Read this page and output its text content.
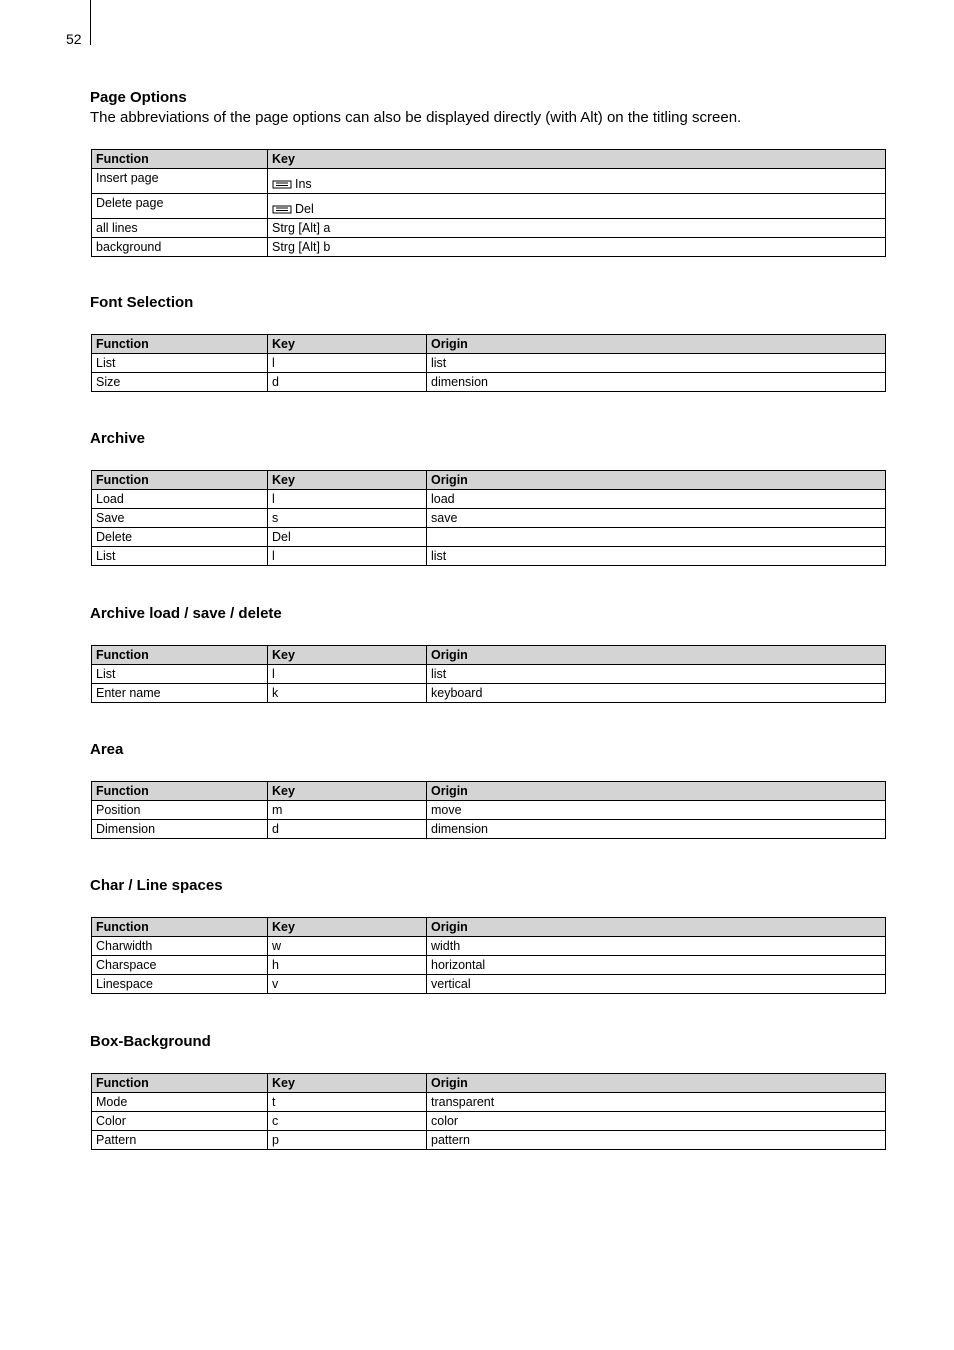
52
Page Options

The abbreviations of the page options can also be displayed directly (with Alt) on the titling screen.

Function	Key
Insert page	Ins
Delete page	Del
all lines	Strg [Alt] a
background	Strg [Alt] b
Font Selection
Function	Key	Origin
List	l	list
Size	d	dimension
Archive
Function	Key	Origin
Load	l	load
Save	s	save
Delete	Del	
List	l	list
Archive load / save / delete
Function	Key	Origin
List	l	list
Enter name	k	keyboard
Area
Function	Key	Origin
Position	m	move
Dimension	d	dimension
Char / Line spaces
Function	Key	Origin
Charwidth	w	width
Charspace	h	horizontal
Linespace	v	vertical
Box-Background
Function	Key	Origin
Mode	t	transparent
Color	c	color
Pattern	p	pattern
